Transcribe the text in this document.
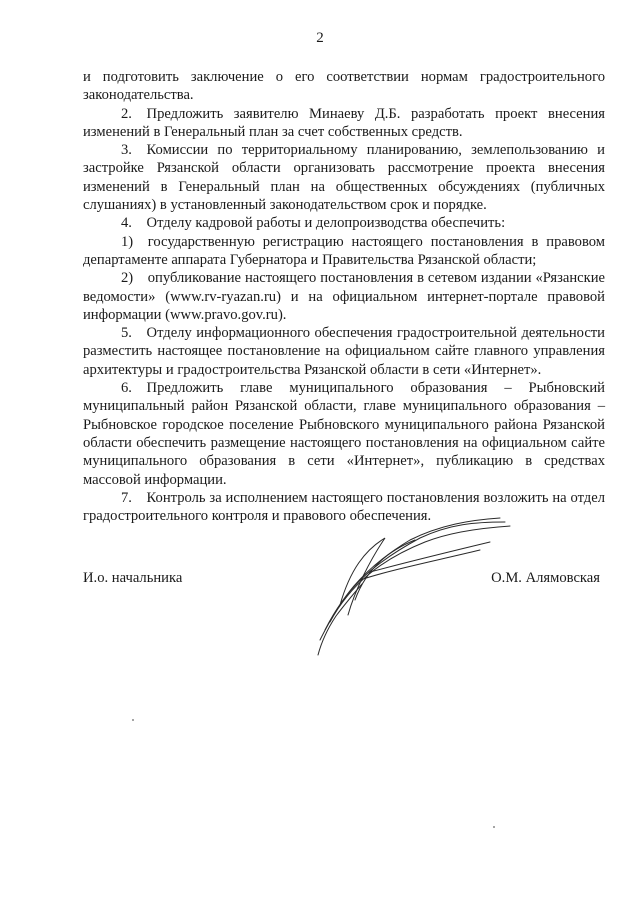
2

и подготовить заключение о его соответствии нормам градостроительного законодательства.

2. Предложить заявителю Минаеву Д.Б. разработать проект внесения изменений в Генеральный план за счет собственных средств.

3. Комиссии по территориальному планированию, землепользованию и застройке Рязанской области организовать рассмотрение проекта внесения изменений в Генеральный план на общественных обсуждениях (публичных слушаниях) в установленный законодательством срок и порядке.

4. Отделу кадровой работы и делопроизводства обеспечить:

1) государственную регистрацию настоящего постановления в правовом департаменте аппарата Губернатора и Правительства Рязанской области;

2) опубликование настоящего постановления в сетевом издании «Рязанские ведомости» (www.rv-ryazan.ru) и на официальном интернет-портале правовой информации (www.pravo.gov.ru).

5. Отделу информационного обеспечения градостроительной деятельности разместить настоящее постановление на официальном сайте главного управления архитектуры и градостроительства Рязанской области в сети «Интернет».

6. Предложить главе муниципального образования – Рыбновский муниципальный район Рязанской области, главе муниципального образования – Рыбновское городское поселение Рыбновского муниципального района Рязанской области обеспечить размещение настоящего постановления на официальном сайте муниципального образования в сети «Интернет», публикацию в средствах массовой информации.

7. Контроль за исполнением настоящего постановления возложить на отдел градостроительного контроля и правового обеспечения.

И.о. начальника	О.М. Алямовская
